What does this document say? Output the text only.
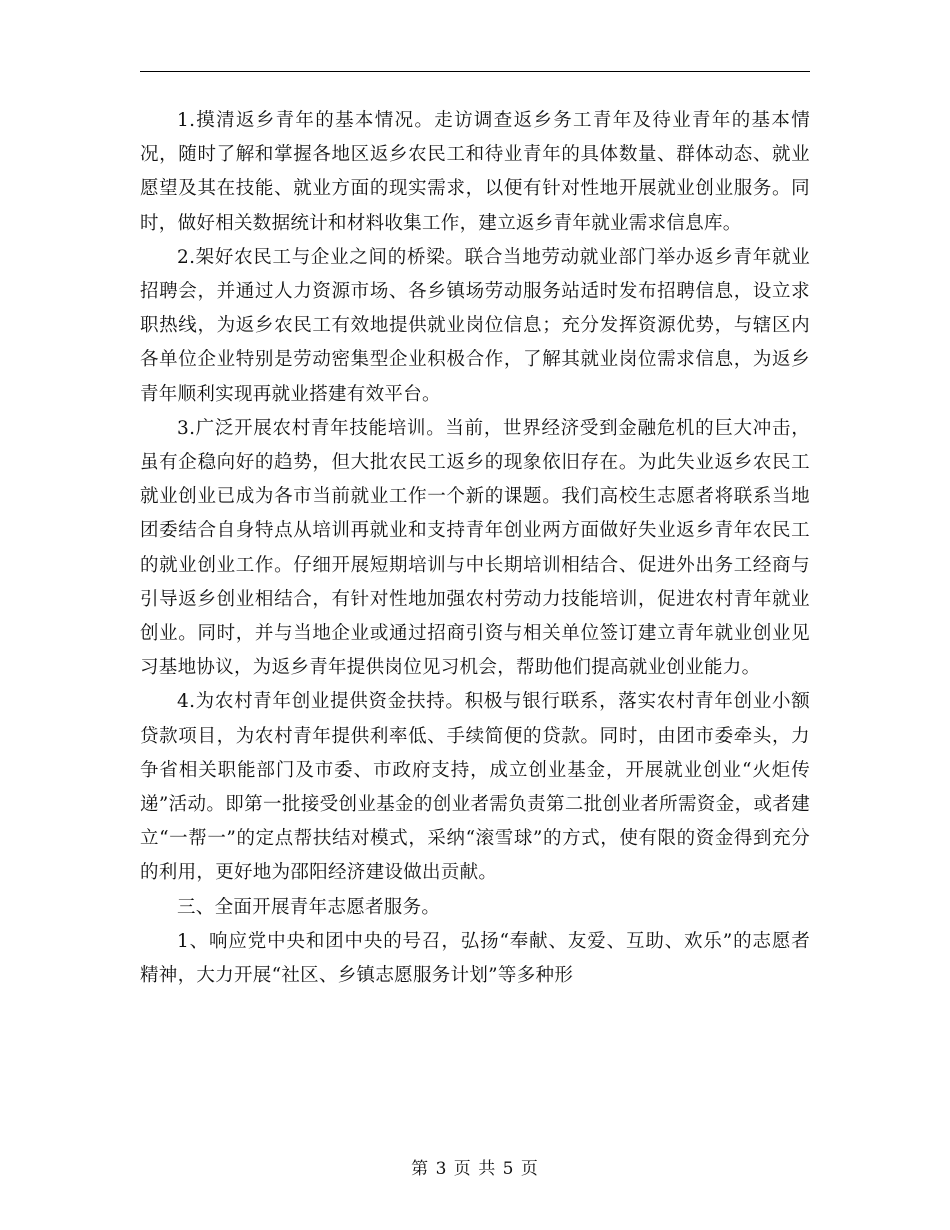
1.摸清返乡青年的基本情况。走访调查返乡务工青年及待业青年的基本情况，随时了解和掌握各地区返乡农民工和待业青年的具体数量、群体动态、就业愿望及其在技能、就业方面的现实需求，以便有针对性地开展就业创业服务。同时，做好相关数据统计和材料收集工作，建立返乡青年就业需求信息库。

2.架好农民工与企业之间的桥梁。联合当地劳动就业部门举办返乡青年就业招聘会，并通过人力资源市场、各乡镇场劳动服务站适时发布招聘信息，设立求职热线，为返乡农民工有效地提供就业岗位信息；充分发挥资源优势，与辖区内各单位企业特别是劳动密集型企业积极合作，了解其就业岗位需求信息，为返乡青年顺利实现再就业搭建有效平台。

3.广泛开展农村青年技能培训。当前，世界经济受到金融危机的巨大冲击，虽有企稳向好的趋势，但大批农民工返乡的现象依旧存在。为此失业返乡农民工就业创业已成为各市当前就业工作一个新的课题。我们高校生志愿者将联系当地团委结合自身特点从培训再就业和支持青年创业两方面做好失业返乡青年农民工的就业创业工作。仔细开展短期培训与中长期培训相结合、促进外出务工经商与引导返乡创业相结合，有针对性地加强农村劳动力技能培训，促进农村青年就业创业。同时，并与当地企业或通过招商引资与相关单位签订建立青年就业创业见习基地协议，为返乡青年提供岗位见习机会，帮助他们提高就业创业能力。

4.为农村青年创业提供资金扶持。积极与银行联系，落实农村青年创业小额贷款项目，为农村青年提供利率低、手续简便的贷款。同时，由团市委牵头，力争省相关职能部门及市委、市政府支持，成立创业基金，开展就业创业“火炬传递”活动。即第一批接受创业基金的创业者需负责第二批创业者所需资金，或者建立“一帮一”的定点帮扶结对模式，采纳“滚雪球”的方式，使有限的资金得到充分的利用，更好地为邵阳经济建设做出贡献。

三、全面开展青年志愿者服务。

1、响应党中央和团中央的号召，弘扬“奉献、友爱、互助、欢乐”的志愿者精神，大力开展“社区、乡镇志愿服务计划”等多种形

第 3 页 共 5 页
